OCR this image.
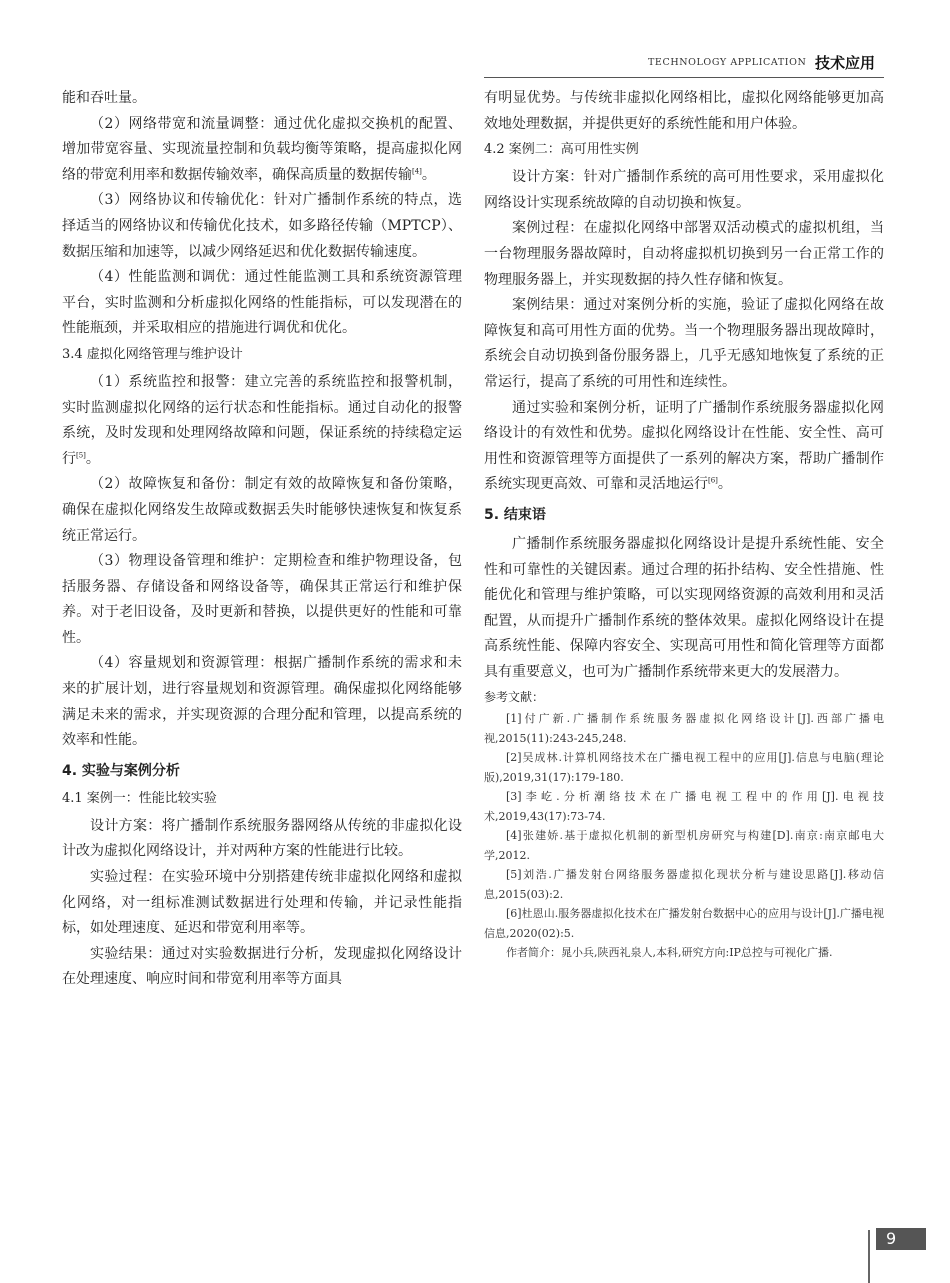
TECHNOLOGY APPLICATION 技术应用

能和吞吐量。

（2）网络带宽和流量调整：通过优化虚拟交换机的配置、增加带宽容量、实现流量控制和负载均衡等策略，提高虚拟化网络的带宽利用率和数据传输效率，确保高质量的数据传输[4]。

（3）网络协议和传输优化：针对广播制作系统的特点，选择适当的网络协议和传输优化技术，如多路径传输（MPTCP）、数据压缩和加速等，以减少网络延迟和优化数据传输速度。

（4）性能监测和调优：通过性能监测工具和系统资源管理平台，实时监测和分析虚拟化网络的性能指标，可以发现潜在的性能瓶颈，并采取相应的措施进行调优和优化。

3.4 虚拟化网络管理与维护设计

（1）系统监控和报警：建立完善的系统监控和报警机制，实时监测虚拟化网络的运行状态和性能指标。通过自动化的报警系统，及时发现和处理网络故障和问题，保证系统的持续稳定运行[5]。

（2）故障恢复和备份：制定有效的故障恢复和备份策略，确保在虚拟化网络发生故障或数据丢失时能够快速恢复和恢复系统正常运行。

（3）物理设备管理和维护：定期检查和维护物理设备，包括服务器、存储设备和网络设备等，确保其正常运行和维护保养。对于老旧设备，及时更新和替换，以提供更好的性能和可靠性。

（4）容量规划和资源管理：根据广播制作系统的需求和未来的扩展计划，进行容量规划和资源管理。确保虚拟化网络能够满足未来的需求，并实现资源的合理分配和管理，以提高系统的效率和性能。

4. 实验与案例分析
4.1 案例一：性能比较实验

设计方案：将广播制作系统服务器网络从传统的非虚拟化设计改为虚拟化网络设计，并对两种方案的性能进行比较。

实验过程：在实验环境中分别搭建传统非虚拟化网络和虚拟化网络，对一组标准测试数据进行处理和传输，并记录性能指标，如处理速度、延迟和带宽利用率等。

实验结果：通过对实验数据进行分析，发现虚拟化网络设计在处理速度、响应时间和带宽利用率等方面具

有明显优势。与传统非虚拟化网络相比，虚拟化网络能够更加高效地处理数据，并提供更好的系统性能和用户体验。

4.2 案例二：高可用性实例

设计方案：针对广播制作系统的高可用性要求，采用虚拟化网络设计实现系统故障的自动切换和恢复。

案例过程：在虚拟化网络中部署双活动模式的虚拟机组，当一台物理服务器故障时，自动将虚拟机切换到另一台正常工作的物理服务器上，并实现数据的持久性存储和恢复。

案例结果：通过对案例分析的实施，验证了虚拟化网络在故障恢复和高可用性方面的优势。当一个物理服务器出现故障时，系统会自动切换到备份服务器上，几乎无感知地恢复了系统的正常运行，提高了系统的可用性和连续性。

通过实验和案例分析，证明了广播制作系统服务器虚拟化网络设计的有效性和优势。虚拟化网络设计在性能、安全性、高可用性和资源管理等方面提供了一系列的解决方案，帮助广播制作系统实现更高效、可靠和灵活地运行[6]。

5. 结束语

广播制作系统服务器虚拟化网络设计是提升系统性能、安全性和可靠性的关键因素。通过合理的拓扑结构、安全性措施、性能优化和管理与维护策略，可以实现网络资源的高效利用和灵活配置，从而提升广播制作系统的整体效果。虚拟化网络设计在提高系统性能、保障内容安全、实现高可用性和简化管理等方面都具有重要意义，也可为广播制作系统带来更大的发展潜力。

参考文献：

[1]付广新.广播制作系统服务器虚拟化网络设计[J].西部广播电视,2015(11):243-245,248.

[2]吴成林.计算机网络技术在广播电视工程中的应用[J].信息与电脑(理论版),2019,31(17):179-180.

[3]李屹.分析潮络技术在广播电视工程中的作用[J].电视技术,2019,43(17):73-74.

[4]张建娇.基于虚拟化机制的新型机房研究与构建[D].南京:南京邮电大学,2012.

[5]刘浩.广播发射台网络服务器虚拟化现状分析与建设思路[J].移动信息,2015(03):2.

[6]杜恩山.服务器虚拟化技术在广播发射台数据中心的应用与设计[J].广播电视信息,2020(02):5.

作者简介：晁小兵,陕西礼泉人,本科,研究方向:IP总控与可视化广播.

9
